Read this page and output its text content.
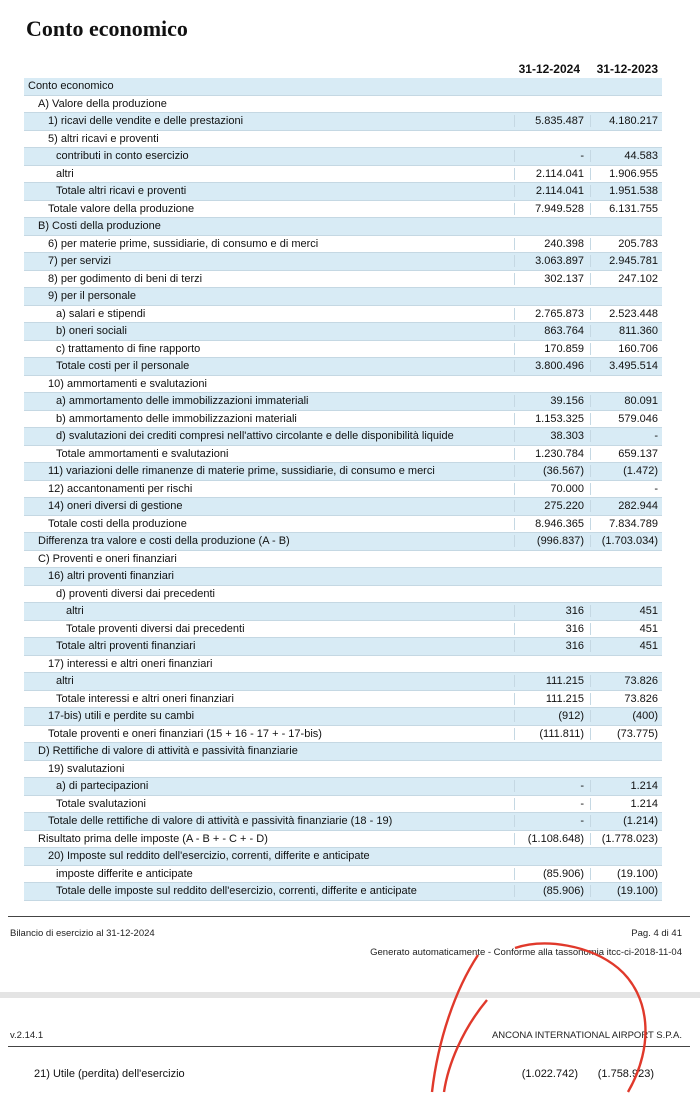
Conto economico
31-12-2024	31-12-2023
Conto economico
A) Valore della produzione
1) ricavi delle vendite e delle prestazioni	5.835.487	4.180.217
5) altri ricavi e proventi
contributi in conto esercizio	-	44.583
altri	2.114.041	1.906.955
Totale altri ricavi e proventi	2.114.041	1.951.538
Totale valore della produzione	7.949.528	6.131.755
B) Costi della produzione
6) per materie prime, sussidiarie, di consumo e di merci	240.398	205.783
7) per servizi	3.063.897	2.945.781
8) per godimento di beni di terzi	302.137	247.102
9) per il personale
a) salari e stipendi	2.765.873	2.523.448
b) oneri sociali	863.764	811.360
c) trattamento di fine rapporto	170.859	160.706
Totale costi per il personale	3.800.496	3.495.514
10) ammortamenti e svalutazioni
a) ammortamento delle immobilizzazioni immateriali	39.156	80.091
b) ammortamento delle immobilizzazioni materiali	1.153.325	579.046
d) svalutazioni dei crediti compresi nell'attivo circolante e delle disponibilità liquide	38.303	-
Totale ammortamenti e svalutazioni	1.230.784	659.137
11) variazioni delle rimanenze di materie prime, sussidiarie, di consumo e merci	(36.567)	(1.472)
12) accantonamenti per rischi	70.000	-
14) oneri diversi di gestione	275.220	282.944
Totale costi della produzione	8.946.365	7.834.789
Differenza tra valore e costi della produzione (A - B)	(996.837)	(1.703.034)
C) Proventi e oneri finanziari
16) altri proventi finanziari
d) proventi diversi dai precedenti
altri	316	451
Totale proventi diversi dai precedenti	316	451
Totale altri proventi finanziari	316	451
17) interessi e altri oneri finanziari
altri	111.215	73.826
Totale interessi e altri oneri finanziari	111.215	73.826
17-bis) utili e perdite su cambi	(912)	(400)
Totale proventi e oneri finanziari (15 + 16 - 17 + - 17-bis)	(111.811)	(73.775)
D) Rettifiche di valore di attività e passività finanziarie
19) svalutazioni
a) di partecipazioni	-	1.214
Totale svalutazioni	-	1.214
Totale delle rettifiche di valore di attività e passività finanziarie (18 - 19)	-	(1.214)
Risultato prima delle imposte (A - B + - C + - D)	(1.108.648)	(1.778.023)
20) Imposte sul reddito dell'esercizio, correnti, differite e anticipate
imposte differite e anticipate	(85.906)	(19.100)
Totale delle imposte sul reddito dell'esercizio, correnti, differite e anticipate	(85.906)	(19.100)
Bilancio di esercizio al 31-12-2024	Pag. 4 di 41
Generato automaticamente - Conforme alla tassonomia itcc-ci-2018-11-04
v.2.14.1	ANCONA INTERNATIONAL AIRPORT S.P.A.
21) Utile (perdita) dell'esercizio	(1.022.742) (1.758.923)
